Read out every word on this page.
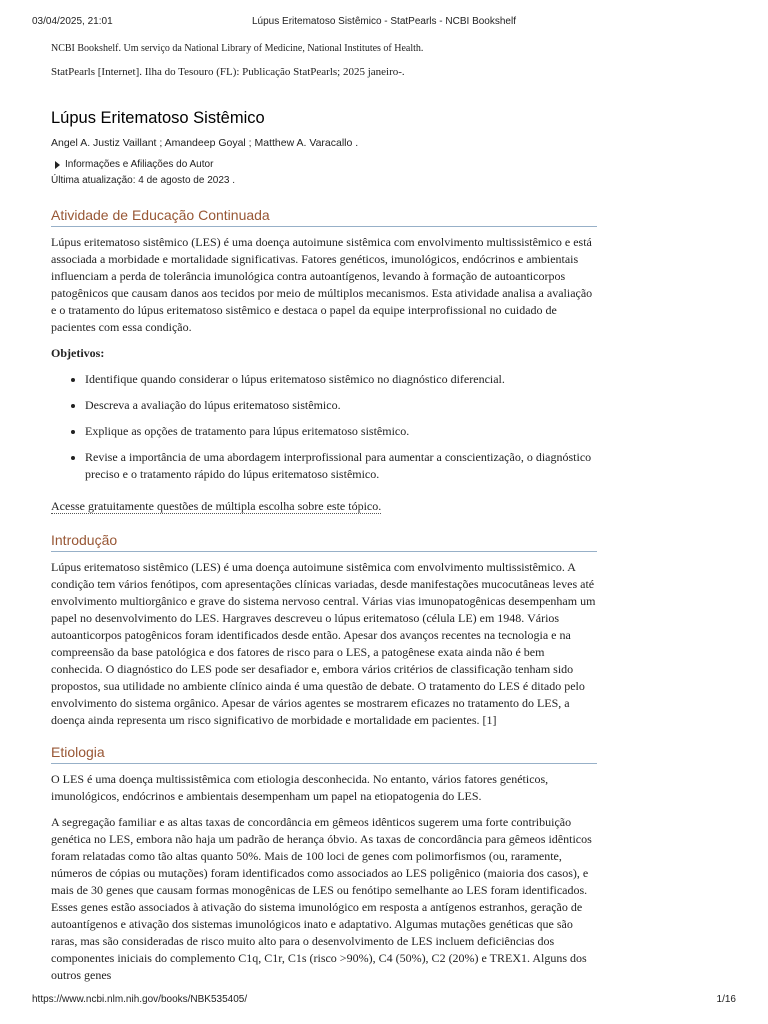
03/04/2025, 21:01	Lúpus Eritematoso Sistêmico - StatPearls - NCBI Bookshelf

NCBI Bookshelf. Um serviço da National Library of Medicine, National Institutes of Health.

StatPearls [Internet]. Ilha do Tesouro (FL): Publicação StatPearls; 2025 janeiro-.

Lúpus Eritematoso Sistêmico
Angel A. Justiz Vaillant ; Amandeep Goyal ; Matthew A. Varacallo .
Informações e Afiliações do Autor
Última atualização: 4 de agosto de 2023 .
Atividade de Educação Continuada

Lúpus eritematoso sistêmico (LES) é uma doença autoimune sistêmica com envolvimento multissistêmico e está associada a morbidade e mortalidade significativas. Fatores genéticos, imunológicos, endócrinos e ambientais influenciam a perda de tolerância imunológica contra autoantígenos, levando à formação de autoanticorpos patogênicos que causam danos aos tecidos por meio de múltiplos mecanismos. Esta atividade analisa a avaliação e o tratamento do lúpus eritematoso sistêmico e destaca o papel da equipe interprofissional no cuidado de pacientes com essa condição.

Objetivos:

• Identifique quando considerar o lúpus eritematoso sistêmico no diagnóstico diferencial.
• Descreva a avaliação do lúpus eritematoso sistêmico.
• Explique as opções de tratamento para lúpus eritematoso sistêmico.
• Revise a importância de uma abordagem interprofissional para aumentar a conscientização, o diagnóstico preciso e o tratamento rápido do lúpus eritematoso sistêmico.
Acesse gratuitamente questões de múltipla escolha sobre este tópico.
Introdução

Lúpus eritematoso sistêmico (LES) é uma doença autoimune sistêmica com envolvimento multissistêmico. A condição tem vários fenótipos, com apresentações clínicas variadas, desde manifestações mucocutâneas leves até envolvimento multiorgânico e grave do sistema nervoso central. Várias vias imunopatogênicas desempenham um papel no desenvolvimento do LES. Hargraves descreveu o lúpus eritematoso (célula LE) em 1948. Vários autoanticorpos patogênicos foram identificados desde então. Apesar dos avanços recentes na tecnologia e na compreensão da base patológica e dos fatores de risco para o LES, a patogênese exata ainda não é bem conhecida. O diagnóstico do LES pode ser desafiador e, embora vários critérios de classificação tenham sido propostos, sua utilidade no ambiente clínico ainda é uma questão de debate. O tratamento do LES é ditado pelo envolvimento do sistema orgânico. Apesar de vários agentes se mostrarem eficazes no tratamento do LES, a doença ainda representa um risco significativo de morbidade e mortalidade em pacientes. [1]

Etiologia

O LES é uma doença multissistêmica com etiologia desconhecida. No entanto, vários fatores genéticos, imunológicos, endócrinos e ambientais desempenham um papel na etiopatogenia do LES.

A segregação familiar e as altas taxas de concordância em gêmeos idênticos sugerem uma forte contribuição genética no LES, embora não haja um padrão de herança óbvio. As taxas de concordância para gêmeos idênticos foram relatadas como tão altas quanto 50%. Mais de 100 loci de genes com polimorfismos (ou, raramente, números de cópias ou mutações) foram identificados como associados ao LES poligênico (maioria dos casos), e mais de 30 genes que causam formas monogênicas de LES ou fenótipo semelhante ao LES foram identificados. Esses genes estão associados à ativação do sistema imunológico em resposta a antígenos estranhos, geração de autoantígenos e ativação dos sistemas imunológicos inato e adaptativo. Algumas mutações genéticas que são raras, mas são consideradas de risco muito alto para o desenvolvimento de LES incluem deficiências dos componentes iniciais do complemento C1q, C1r, C1s (risco >90%), C4 (50%), C2 (20%) e TREX1. Alguns dos outros genes

https://www.ncbi.nlm.nih.gov/books/NBK535405/	1/16
